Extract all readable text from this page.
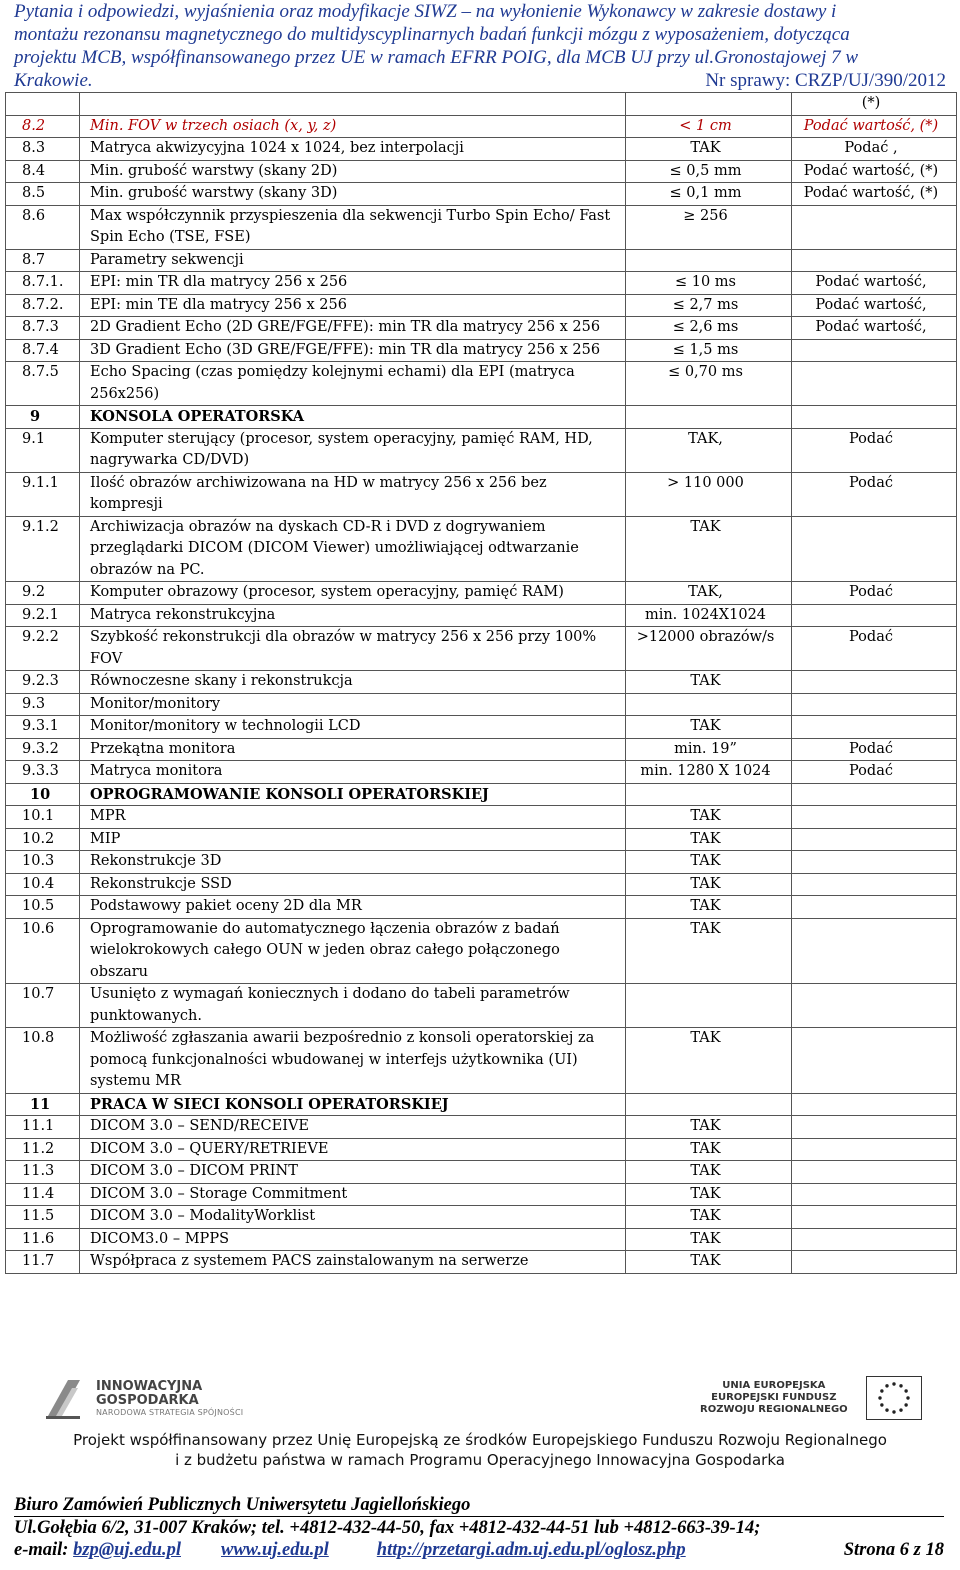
Pytania i odpowiedzi, wyjaśnienia oraz modyfikacje SIWZ – na wyłonienie Wykonawcy w zakresie dostawy i
montażu rezonansu magnetycznego do multidyscyplinarnych badań funkcji mózgu z wyposażeniem, dotycząca
projektu MCB, współfinansowanego przez UE w ramach EFRR POIG, dla MCB UJ przy ul.Gronostajowej 7 w
Krakowie.	Nr sprawy: CRZP/UJ/390/2012
			(*)
8.2	Min. FOV w trzech osiach (x, y, z)	< 1 cm	Podać wartość, (*)
8.3	Matryca akwizycyjna 1024 x 1024, bez interpolacji	TAK	Podać ,
8.4	Min. grubość warstwy (skany 2D)	≤ 0,5 mm	Podać wartość, (*)
8.5	Min. grubość warstwy (skany 3D)	≤ 0,1 mm	Podać wartość, (*)
8.6	Max współczynnik przyspieszenia dla sekwencji Turbo Spin Echo/ Fast Spin Echo (TSE, FSE)	≥ 256	
8.7	Parametry sekwencji		
8.7.1.	EPI: min TR dla matrycy 256 x 256	≤ 10 ms	Podać wartość,
8.7.2.	EPI: min TE dla matrycy 256 x 256	≤ 2,7 ms	Podać wartość,
8.7.3	2D Gradient Echo (2D GRE/FGE/FFE): min TR dla matrycy 256 x 256	≤ 2,6 ms	Podać wartość,
8.7.4	3D Gradient Echo (3D GRE/FGE/FFE): min TR dla matrycy 256 x 256	≤ 1,5 ms	
8.7.5	Echo Spacing (czas pomiędzy kolejnymi echami) dla EPI (matryca 256x256)	≤ 0,70 ms	
9	KONSOLA OPERATORSKA		
9.1	Komputer sterujący (procesor, system operacyjny, pamięć RAM, HD, nagrywarka CD/DVD)	TAK,	Podać
9.1.1	Ilość obrazów archiwizowana na HD w matrycy 256 x 256 bez kompresji	> 110 000	Podać
9.1.2	Archiwizacja obrazów na dyskach CD-R i DVD z dogrywaniem przeglądarki DICOM (DICOM Viewer) umożliwiającej odtwarzanie obrazów na PC.	TAK	
9.2	Komputer obrazowy (procesor, system operacyjny, pamięć RAM)	TAK,	Podać
9.2.1	Matryca rekonstrukcyjna	min. 1024X1024	
9.2.2	Szybkość rekonstrukcji dla obrazów w matrycy 256 x 256 przy 100% FOV	>12000 obrazów/s	Podać
9.2.3	Równoczesne skany i rekonstrukcja	TAK	
9.3	Monitor/monitory		
9.3.1	Monitor/monitory w technologii LCD	TAK	
9.3.2	Przekątna monitora	min. 19”	Podać
9.3.3	Matryca monitora	min. 1280 X 1024	Podać
10	OPROGRAMOWANIE KONSOLI OPERATORSKIEJ		
10.1	MPR	TAK	
10.2	MIP	TAK	
10.3	Rekonstrukcje 3D	TAK	
10.4	Rekonstrukcje SSD	TAK	
10.5	Podstawowy pakiet oceny 2D dla MR	TAK	
10.6	Oprogramowanie do automatycznego łączenia obrazów z badań wielokrokowych całego OUN w jeden obraz całego połączonego obszaru	TAK	
10.7	Usunięto z wymagań koniecznych i dodano do tabeli parametrów punktowanych.		
10.8	Możliwość zgłaszania awarii bezpośrednio z konsoli operatorskiej za pomocą funkcjonalności wbudowanej w interfejs użytkownika (UI) systemu MR	TAK	
11	PRACA W SIECI KONSOLI OPERATORSKIEJ		
11.1	DICOM 3.0 – SEND/RECEIVE	TAK	
11.2	DICOM 3.0 – QUERY/RETRIEVE	TAK	
11.3	DICOM 3.0 – DICOM PRINT	TAK	
11.4	DICOM 3.0 – Storage Commitment	TAK	
11.5	DICOM 3.0 – ModalityWorklist	TAK	
11.6	DICOM3.0 – MPPS	TAK	
11.7	Współpraca z systemem PACS zainstalowanym na serwerze	TAK	
INNOWACYJNA
GOSPODARKA
NARODOWA STRATEGIA SPÓJNOŚCI
UNIA EUROPEJSKA
EUROPEJSKI FUNDUSZ
ROZWOJU REGIONALNEGO
Projekt współfinansowany przez Unię Europejską ze środków Europejskiego Funduszu Rozwoju Regionalnego
i z budżetu państwa w ramach Programu Operacyjnego Innowacyjna Gospodarka
Biuro Zamówień Publicznych Uniwersytetu Jagiellońskiego
Ul.Gołębia 6/2, 31-007 Kraków; tel. +4812-432-44-50, fax +4812-432-44-51 lub +4812-663-39-14;
e-mail:
bzp@uj.edu.pl www.uj.edu.pl	http://przetargi.adm.uj.edu.pl/oglosz.php	Strona 6 z 18
